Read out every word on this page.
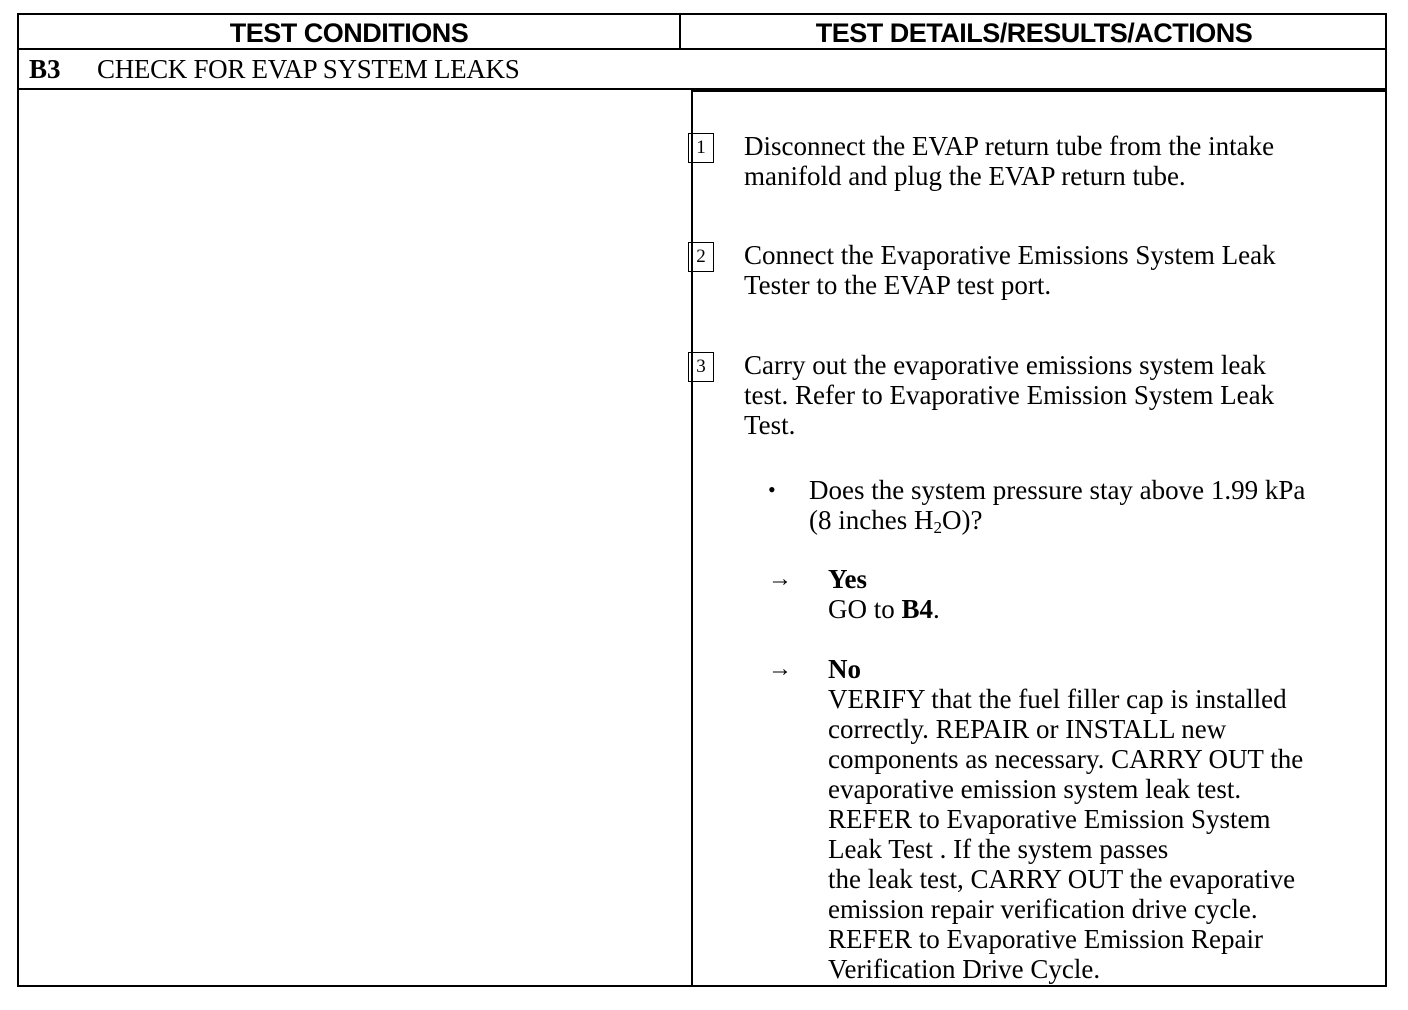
TEST CONDITIONS	TEST DETAILS/RESULTS/ACTIONS
B3 CHECK FOR EVAP SYSTEM LEAKS
1	Disconnect the EVAP return tube from the intake
manifold and plug the EVAP return tube.
2	Connect the Evaporative Emissions System Leak
Tester to the EVAP test port.
3	Carry out the evaporative emissions system leak
test. Refer to Evaporative Emission System Leak
Test.
• Does the system pressure stay above 1.99 kPa
(8 inches $H_2O$)?
→ Yes
GO to B4.
→ No
VERIFY that the fuel filler cap is installed
correctly. REPAIR or INSTALL new
components as necessary. CARRY OUT the
evaporative emission system leak test.
REFER to Evaporative Emission System
Leak Test . If the system passes
the leak test, CARRY OUT the evaporative
emission repair verification drive cycle.
REFER to Evaporative Emission Repair
Verification Drive Cycle.
